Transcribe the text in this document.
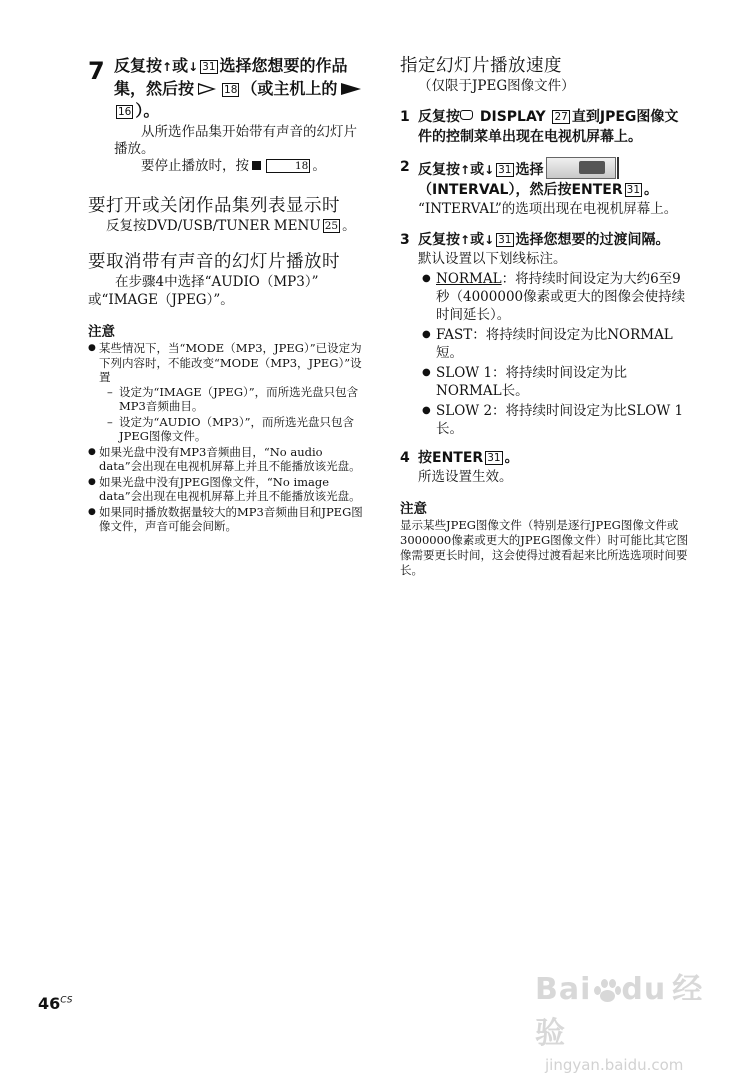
7 反复按↑或↓ 31 选择您想要的作品集，然后按	18 （或主机上的16 ）。
从所选作品集开始带有声音的幻灯片播放。
要停止播放时，按	18 。
要打开或关闭作品集列表显示时
反复按DVD/USB/TUNER MENU 25 。
要取消带有声音的幻灯片播放时
在步骤4中选择“AUDIO（MP3）”
或“IMAGE（JPEG）”。
注意
● 某些情况下，当“MODE（MP3，JPEG）”已设定为下列内容时，不能改变“MODE（MP3，JPEG）”设置
– 设定为“IMAGE（JPEG）”，而所选光盘只包含MP3音频曲目。
– 设定为“AUDIO（MP3）”，而所选光盘只包含JPEG图像文件。
● 如果光盘中没有MP3音频曲目，“No audio data”会出现在电视机屏幕上并且不能播放该光盘。
● 如果光盘中没有JPEG图像文件，“No image data”会出现在电视机屏幕上并且不能播放该光盘。
● 如果同时播放数据量较大的MP3音频曲目和JPEG图像文件，声音可能会间断。
指定幻灯片播放速度
（仅限于JPEG图像文件）
1 反复按 DISPLAY 27 直到JPEG图像文件的控制菜单出现在电视机屏幕上。
2 反复按↑或↓ 31 选择
（INTERVAL），然后按ENTER 31 。
“INTERVAL”的选项出现在电视机屏幕上。
3 反复按↑或↓ 31 选择您想要的过渡间隔。
默认设置以下划线标注。
● NORMAL：将持续时间设定为大约6至9秒（4000000像素或更大的图像会使持续时间延长）。
● FAST：将持续时间设定为比NORMAL短。
● SLOW 1：将持续时间设定为比NORMAL长。
● SLOW 2：将持续时间设定为比SLOW 1长。
4 按ENTER 31 。
所选设置生效。
注意
显示某些JPEG图像文件（特别是逐行JPEG图像文件或3000000像素或更大的JPEG图像文件）时可能比其它图像需要更长时间，这会使得过渡看起来比所选选项时间要长。
$46^{CS}$	Bai du 经验
jingyan.baidu.com
